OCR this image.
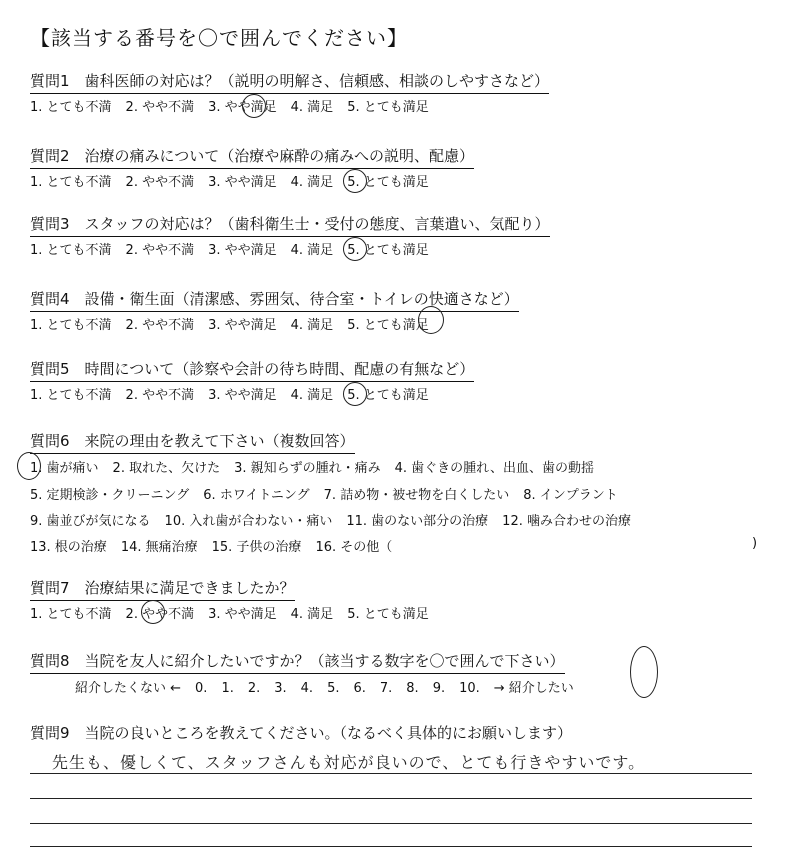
【該当する番号を〇で囲んでください】
質問1　歯科医師の対応は？（説明の明解さ、信頼感、相談のしやすさなど）
1. とても不満 2. やや不満 3. やや満足 4. 満足 5. とても満足
質問2　治療の痛みについて（治療や麻酔の痛みへの説明、配慮）
1. とても不満 2. やや不満 3. やや満足 4. 満足 5. とても満足
質問3　スタッフの対応は？（歯科衛生士・受付の態度、言葉遣い、気配り）
1. とても不満 2. やや不満 3. やや満足 4. 満足 5. とても満足
質問4　設備・衛生面（清潔感、雰囲気、待合室・トイレの快適さなど）
1. とても不満 2. やや不満 3. やや満足 4. 満足 5. とても満足
質問5　時間について（診察や会計の待ち時間、配慮の有無など）
1. とても不満 2. やや不満 3. やや満足 4. 満足 5. とても満足
質問6　来院の理由を教えて下さい（複数回答）
1. 歯が痛い 2. 取れた、欠けた 3. 親知らずの腫れ・痛み 4. 歯ぐきの腫れ、出血、歯の動揺
5. 定期検診・クリーニング 6. ホワイトニング 7. 詰め物・被せ物を白くしたい 8. インプラント
9. 歯並びが気になる 10. 入れ歯が合わない・痛い 11. 歯のない部分の治療 12. 噛み合わせの治療
13. 根の治療 14. 無痛治療 15. 子供の治療 16. その他（	)
質問7　治療結果に満足できましたか？
1. とても不満 2. やや不満 3. やや満足 4. 満足 5. とても満足
質問8　当院を友人に紹介したいですか？（該当する数字を〇で囲んで下さい）
紹介したくない ← 0. 1. 2. 3. 4. 5. 6. 7. 8. 9. 10. → 紹介したい
質問9　当院の良いところを教えてください。（なるべく具体的にお願いします）
先生も、優しくて、スタッフさんも対応が良いので、とても行きやすいです。
